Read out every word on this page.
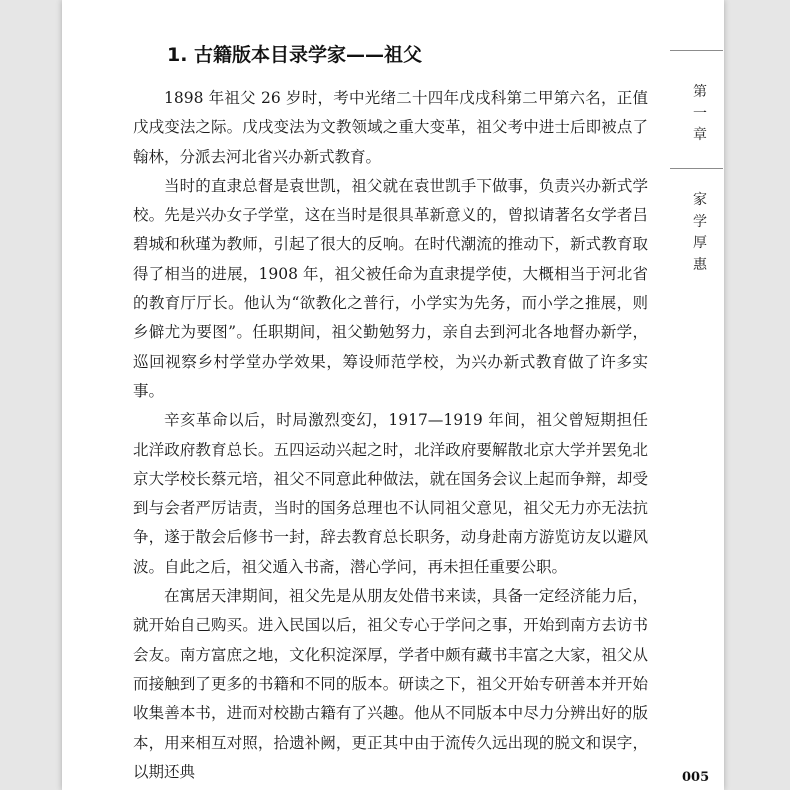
1. 古籍版本目录学家——祖父

1898 年祖父 26 岁时，考中光绪二十四年戊戌科第二甲第六名，正值戊戌变法之际。戊戌变法为文教领域之重大变革，祖父考中进士后即被点了翰林，分派去河北省兴办新式教育。

当时的直隶总督是袁世凯，祖父就在袁世凯手下做事，负责兴办新式学校。先是兴办女子学堂，这在当时是很具革新意义的，曾拟请著名女学者吕碧城和秋瑾为教师，引起了很大的反响。在时代潮流的推动下，新式教育取得了相当的进展，1908 年，祖父被任命为直隶提学使，大概相当于河北省的教育厅厅长。他认为“欲教化之普行，小学实为先务，而小学之推展，则乡僻尤为要图”。任职期间，祖父勤勉努力，亲自去到河北各地督办新学，巡回视察乡村学堂办学效果，筹设师范学校，为兴办新式教育做了许多实事。

辛亥革命以后，时局激烈变幻，1917—1919 年间，祖父曾短期担任北洋政府教育总长。五四运动兴起之时，北洋政府要解散北京大学并罢免北京大学校长蔡元培，祖父不同意此种做法，就在国务会议上起而争辩，却受到与会者严厉诘责，当时的国务总理也不认同祖父意见，祖父无力亦无法抗争，遂于散会后修书一封，辞去教育总长职务，动身赴南方游览访友以避风波。自此之后，祖父遁入书斋，潜心学问，再未担任重要公职。

在寓居天津期间，祖父先是从朋友处借书来读，具备一定经济能力后，就开始自己购买。进入民国以后，祖父专心于学问之事，开始到南方去访书会友。南方富庶之地，文化积淀深厚，学者中颇有藏书丰富之大家，祖父从而接触到了更多的书籍和不同的版本。研读之下，祖父开始专研善本并开始收集善本书，进而对校勘古籍有了兴趣。他从不同版本中尽力分辨出好的版本，用来相互对照，拾遗补阙，更正其中由于流传久远出现的脱文和误字，以期还典

第
一
章
家
学
厚
惠
005
